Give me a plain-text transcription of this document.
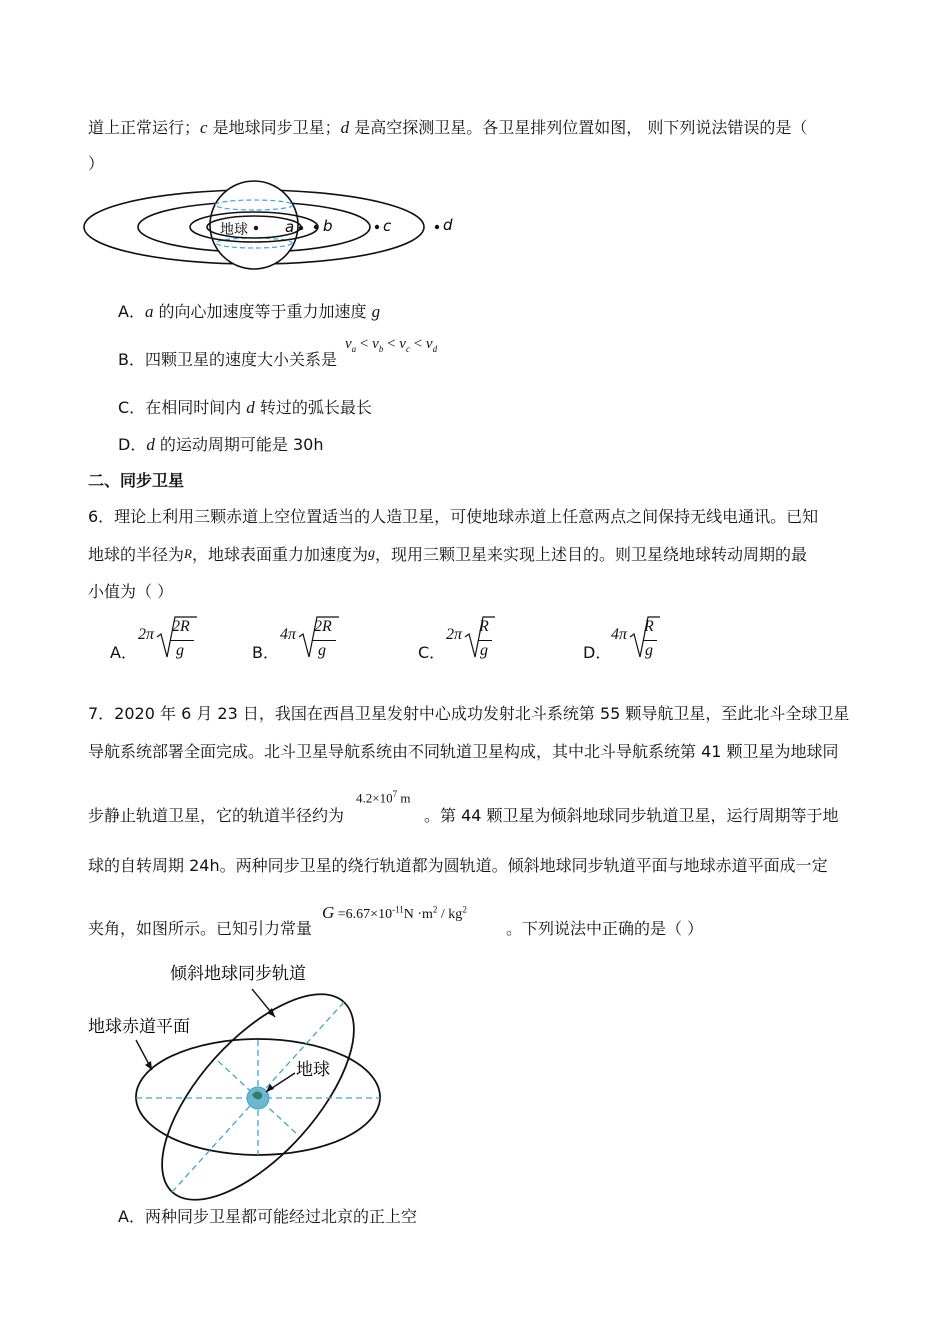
道上正常运行；c 是地球同步卫星；d 是高空探测卫星。各卫星排列位置如图， 则下列说法错误的是（
）
地球 a b	c	d
A．a 的向心加速度等于重力加速度 g
B．四颗卫星的速度大小关系是
$v_a < v_b < v_c < v_d$
C．在相同时间内 d 转过的弧长最长
D．d 的运动周期可能是 30h
二、同步卫星
6．理论上利用三颗赤道上空位置适当的人造卫星，可使地球赤道上任意两点之间保持无线电通讯。已知
地球的半径为R，地球表面重力加速度为g，现用三颗卫星来实现上述目的。则卫星绕地球转动周期的最
小值为（ ）
A．
2π 2R
g	B．
4π 2R
g	C．
2π R
g	D．
4π R
g
7．2020 年 6 月 23 日，我国在西昌卫星发射中心成功发射北斗系统第 55 颗导航卫星，至此北斗全球卫星
导航系统部署全面完成。北斗卫星导航系统由不同轨道卫星构成，其中北斗导航系统第 41 颗卫星为地球同
步静止轨道卫星，它的轨道半径约为
$4.2\times 10^7$ m
。第 44 颗卫星为倾斜地球同步轨道卫星，运行周期等于地
球的自转周期 24h。两种同步卫星的绕行轨道都为圆轨道。倾斜地球同步轨道平面与地球赤道平面成一定
夹角，如图所示。已知引力常量
$G =6.67\times 10^{-11}N \cdot m^2 / kg^2$
。下列说法中正确的是（ ）
倾斜地球同步轨道
地球赤道平面
地球
A．两种同步卫星都可能经过北京的正上空
